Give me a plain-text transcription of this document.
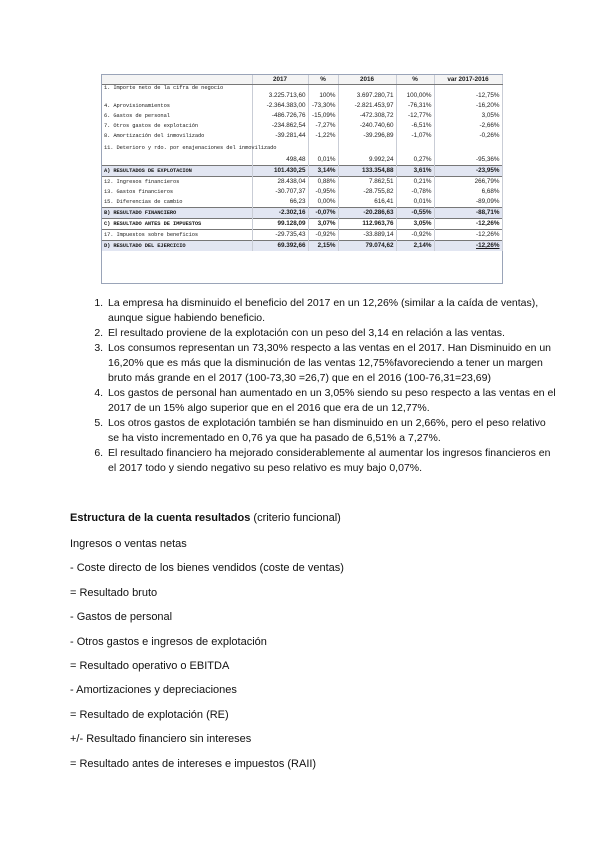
	2017	%	2016	%	var 2017-2016
1. Importe neto de la cifra de negocio					
	3.225.713,60	100%	3.697.280,71	100,00%	-12,75%
4. Aprovisionamientos	-2.364.383,00	-73,30%	-2.821.453,97	-76,31%	-16,20%
6. Gastos de personal	-486.726,76	-15,09%	-472.308,72	-12,77%	3,05%
7. Otros gastos de explotación	-234.862,54	-7,27%	-240.740,60	-6,51%	-2,66%
8. Amortización del inmovilizado	-39.281,44	-1,22%	-39.296,89	-1,07%	-0,26%
11. Deterioro y rdo. por enajenaciones del inmovilizado					
	498,48	0,01%	9.992,24	0,27%	-95,36%
A) RESULTADOS DE EXPLOTACION	101.430,25	3,14%	133.354,88	3,61%	-23,95%
12. Ingresos financieros	28.438,04	0,88%	7.862,51	0,21%	266,79%
13. Gastos financieros	-30.707,37	-0,95%	-28.755,82	-0,78%	6,68%
15. Diferencias de cambio	66,23	0,00%	616,41	0,01%	-89,09%
B) RESULTADO FINANCIERO	-2.302,16	-0,07%	-20.286,63	-0,55%	-88,71%
C) RESULTADO ANTES DE IMPUESTOS	99.128,09	3,07%	112.963,76	3,05%	-12,26%
17. Impuestos sobre beneficios	-29.735,43	-0,92%	-33.889,14	-0,92%	-12,26%
D) RESULTADO DEL EJERCICIO	69.392,66	2,15%	79.074,62	2,14%	-12,26%
1. La empresa ha disminuido el beneficio del 2017 en un 12,26% (similar a la caída de ventas), aunque sigue habiendo beneficio.
2. El resultado proviene de la explotación con un peso del 3,14 en relación a las ventas.
3. Los consumos representan un 73,30% respecto a las ventas en el 2017. Han Disminuido en un 16,20% que es más que la disminución de las ventas 12,75%favoreciendo a tener un margen bruto más grande en el 2017 (100-73,30 =26,7) que en el 2016 (100-76,31=23,69)
4. Los gastos de personal han aumentado en un 3,05% siendo su peso respecto a las ventas en el 2017 de un 15% algo superior que en el 2016 que era de un 12,77%.
5. Los otros gastos de explotación también se han disminuido en un 2,66%, pero el peso relativo se ha visto incrementado en 0,76 ya que ha pasado de 6,51% a 7,27%.
6. El resultado financiero ha mejorado considerablemente al aumentar los ingresos financieros en el 2017 todo y siendo negativo su peso relativo es muy bajo 0,07%.

Estructura de la cuenta resultados (criterio funcional)

Ingresos o ventas netas
- Coste directo de los bienes vendidos (coste de ventas)
= Resultado bruto
- Gastos de personal
- Otros gastos e ingresos de explotación
= Resultado operativo o EBITDA
- Amortizaciones y depreciaciones
= Resultado de explotación (RE)
+/- Resultado financiero sin intereses
= Resultado antes de intereses e impuestos (RAII)
